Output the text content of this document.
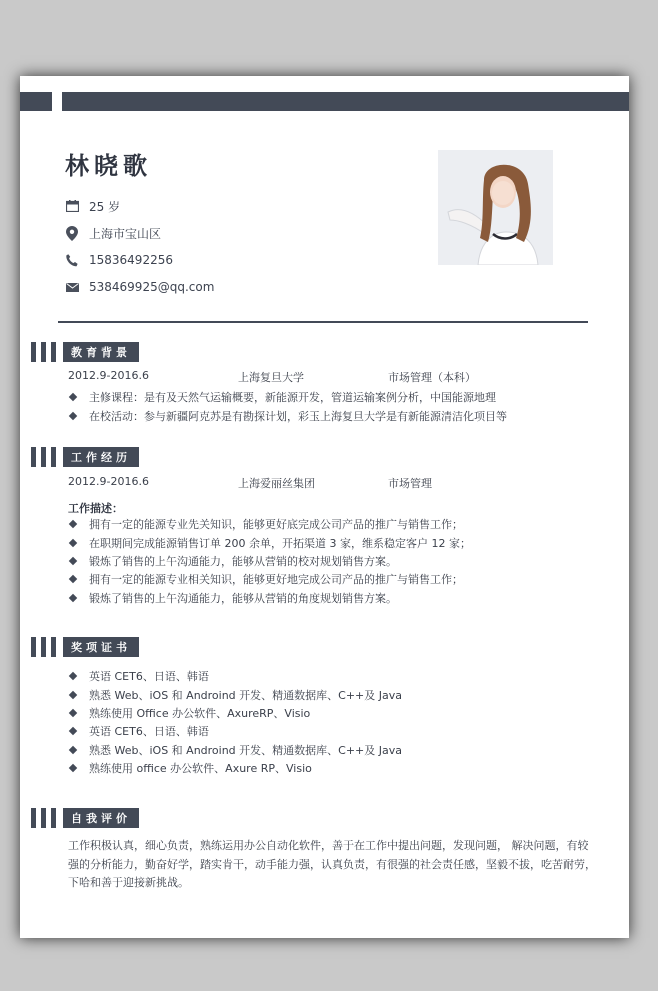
林晓歌
25 岁
上海市宝山区
15836492256
538469925@qq.com
教育背景
2012.9-2016.6	上海复旦大学	市场管理（本科）
主修课程：是有及天然气运输概要，新能源开发，管道运输案例分析，中国能源地理
在校活动：参与新疆阿克苏是有勘探计划，彩玉上海复旦大学是有新能源清洁化项目等
工作经历
2012.9-2016.6	上海爱丽丝集团	市场管理
工作描述：
拥有一定的能源专业先关知识，能够更好底完成公司产品的推广与销售工作；
在职期间完成能源销售订单 200 余单，开拓渠道 3 家，维系稳定客户 12 家；
锻炼了销售的上午沟通能力，能够从营销的校对规划销售方案。
拥有一定的能源专业相关知识，能够更好地完成公司产品的推广与销售工作；
锻炼了销售的上午沟通能力，能够从营销的角度规划销售方案。
奖项证书
英语 CET6、日语、韩语
熟悉 Web、iOS 和 Androind 开发、精通数据库、C++及 Java
熟练使用 Office 办公软件、AxureRP、Visio
英语 CET6、日语、韩语
熟悉 Web、iOS 和 Androind 开发、精通数据库、C++及 Java
熟练使用 office 办公软件、Axure RP、Visio
自我评价
工作积极认真，细心负责，熟练运用办公自动化软件，善于在工作中提出问题，发现问题， 解决问题，有较强的分析能力，勤奋好学，踏实肯干，动手能力强，认真负责，有很强的社会责任感，坚毅不拔，吃苦耐劳，下哈和善于迎接新挑战。
